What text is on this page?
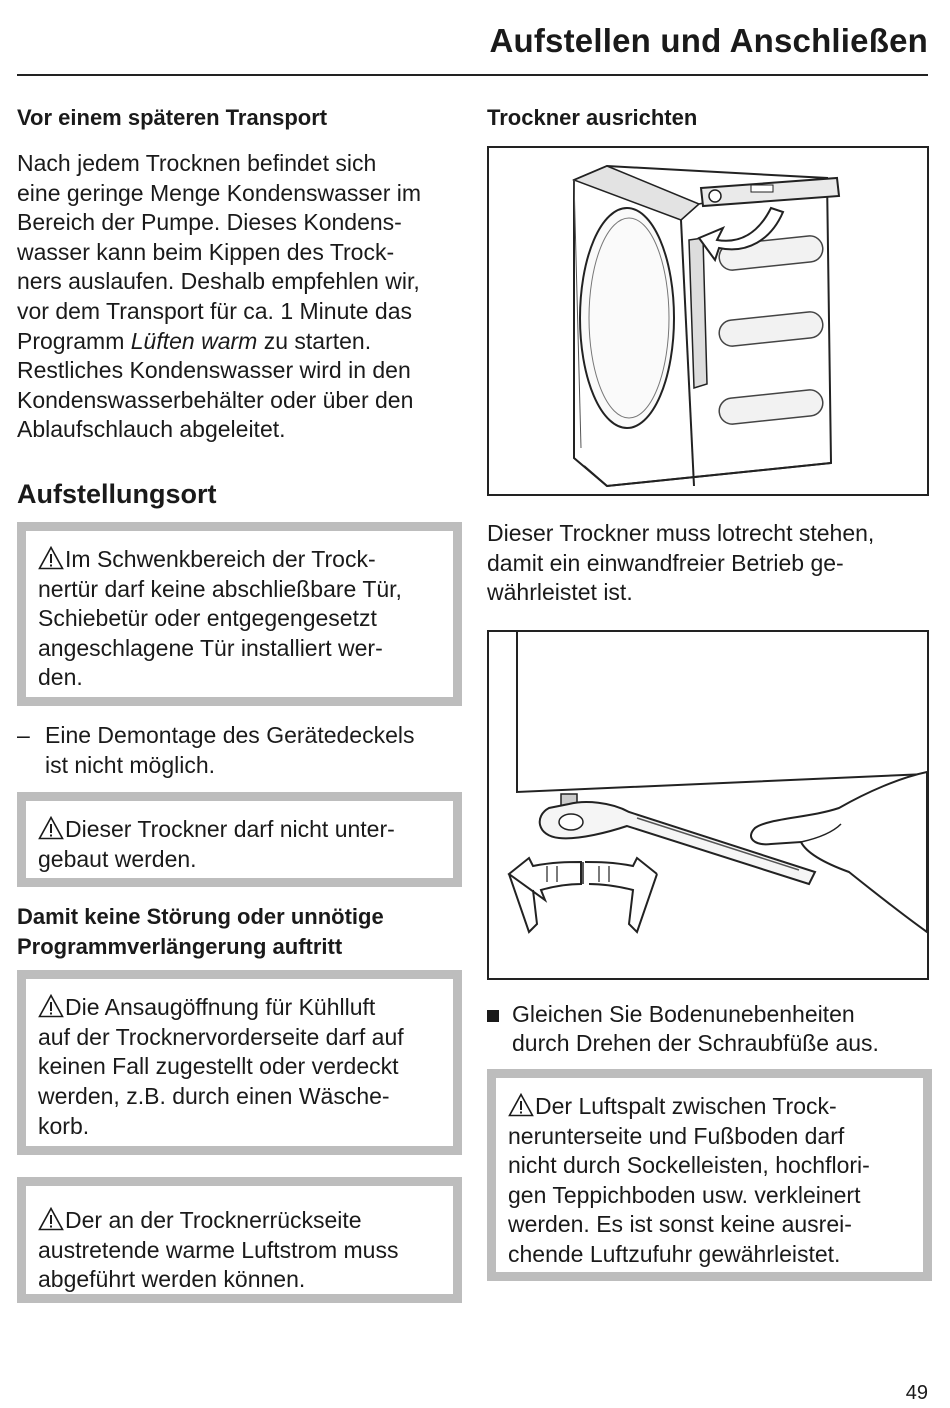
Aufstellen und Anschließen
Vor einem späteren Transport
Nach jedem Trocknen befindet sich
eine geringe Menge Kondenswasser im
Bereich der Pumpe. Dieses Kondens-
wasser kann beim Kippen des Trock-
ners auslaufen. Deshalb empfehlen wir,
vor dem Transport für ca. 1 Minute das
Programm Lüften warm zu starten.
Restliches Kondenswasser wird in den
Kondenswasserbehälter oder über den
Ablaufschlauch abgeleitet.
Aufstellungsort
Im Schwenkbereich der Trock-
nertür darf keine abschließbare Tür,
Schiebetür oder entgegengesetzt
angeschlagene Tür installiert wer-
den.
– Eine Demontage des Gerätedeckels
ist nicht möglich.
Dieser Trockner darf nicht unter-
gebaut werden.
Damit keine Störung oder unnötige
Programmverlängerung auftritt
Die Ansaugöffnung für Kühlluft
auf der Trocknervorderseite darf auf
keinen Fall zugestellt oder verdeckt
werden, z.B. durch einen Wäsche-
korb.
Der an der Trocknerrückseite
austretende warme Luftstrom muss
abgeführt werden können.
Trockner ausrichten
Dieser Trockner muss lotrecht stehen,
damit ein einwandfreier Betrieb ge-
währleistet ist.
Gleichen Sie Bodenunebenheiten
durch Drehen der Schraubfüße aus.
Der Luftspalt zwischen Trock-
nerunterseite und Fußboden darf
nicht durch Sockelleisten, hochflori-
gen Teppichboden usw. verkleinert
werden. Es ist sonst keine ausrei-
chende Luftzufuhr gewährleistet.
49
